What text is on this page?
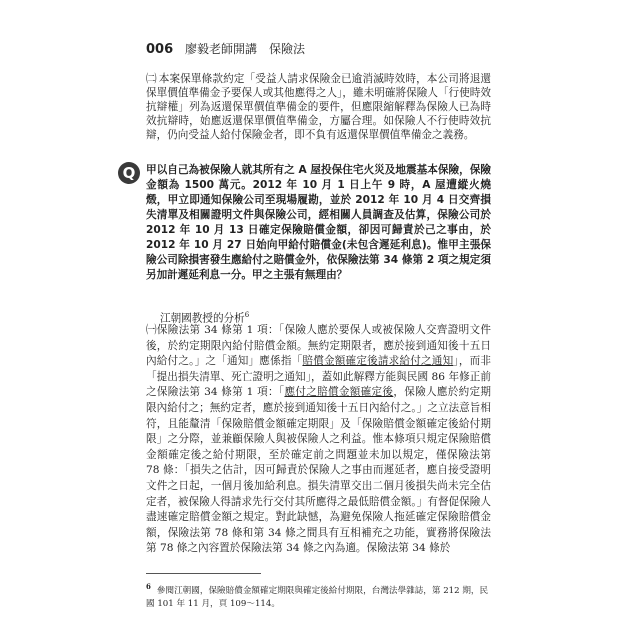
006 廖毅老師開講　保險法
㈡ 本案保單條款約定「受益人請求保險金已逾消滅時效時，本公司將退還保單價值準備金予要保人或其他應得之人」，雖未明確將保險人「行使時效抗辯權」列為返還保單價值準備金的要件，但應限縮解釋為保險人已為時效抗辯時，始應返還保單價值準備金，方屬合理。如保險人不行使時效抗辯，仍向受益人給付保險金者，即不負有返還保單價值準備金之義務。
Q	甲以自己為被保險人就其所有之 A 屋投保住宅火災及地震基本保險，保險金額為 1500 萬元。2012 年 10 月 1 日上午 9 時，A 屋遭縱火燒燬，甲立即通知保險公司至現場履勘，並於 2012 年 10 月 4 日交齊損失清單及相關證明文件與保險公司，經相關人員調查及估算，保險公司於 2012 年 10 月 13 日確定保險賠償金額，卻因可歸責於己之事由，於 2012 年 10 月 27 日始向甲給付賠償金(未包含遲延利息)。惟甲主張保險公司除損害發生應給付之賠償金外，依保險法第 34 條第 2 項之規定須另加計遲延利息一分。甲之主張有無理由？
江朝國教授的分析$^6$
㈠保險法第 34 條第 1 項：「保險人應於要保人或被保險人交齊證明文件後，於約定期限內給付賠償金額。無約定期限者，應於接到通知後十五日內給付之。」之「通知」應係指「賠償金額確定後請求給付之通知」，而非「提出損失清單、死亡證明之通知」，蓋如此解釋方能與民國 86 年修正前之保險法第 34 條第 1 項：「應付之賠償金額確定後，保險人應於約定期限內給付之；無約定者，應於接到通知後十五日內給付之。」之立法意旨相符，且能釐清「保險賠償金額確定期限」及「保險賠償金額確定後給付期限」之分際，並兼顧保險人與被保險人之利益。惟本條項只規定保險賠償金額確定後之給付期限，至於確定前之問題並未加以規定，僅保險法第 78 條：「損失之估計，因可歸責於保險人之事由而遲延者，應自接受證明文件之日起，一個月後加給利息。損失清單交出二個月後損失尚未完全估定者，被保險人得請求先行交付其所應得之最低賠償金額。」有督促保險人盡速確定賠償金額之規定。對此缺憾，為避免保險人拖延確定保險賠償金額，保險法第 78 條和第 34 條之間具有互相補充之功能，實務將保險法第 78 條之內容置於保險法第 34 條之內為適。保險法第 34 條於
$^6$ 參閱江朝國，保險賠償金額確定期限與確定後給付期限，台灣法學雜誌，第 212 期，民國 101 年 11 月，頁 109～114。
